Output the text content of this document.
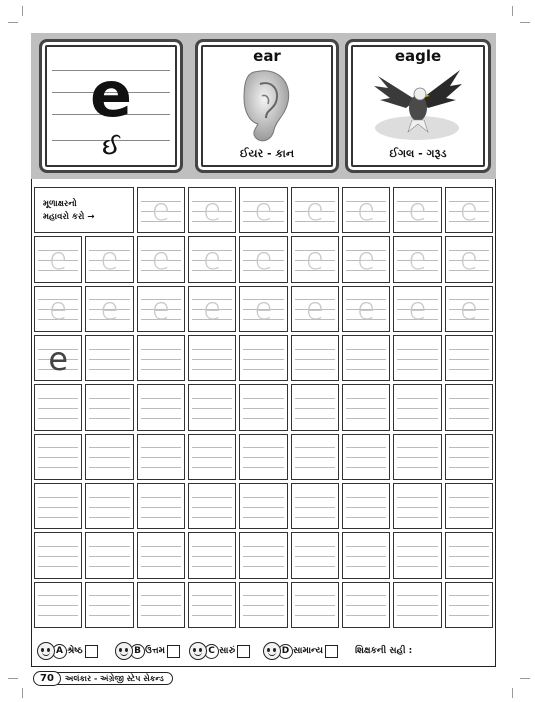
e
ઈ
ear
ઈયર - કાન
eagle
ઈગલ - ગરૂડ
મૂળાક્ષરનો
મહાવરો કરો →	e	e	e	e	e	e	e
e	e	e	e	e	e	e	e	e
e	e	e	e	e	e	e	e	e
e
A શ્રેષ્ઠ	B ઉત્તમ	C સારું	D સામાન્ય	શિક્ષકની સહી :
70	અલંકાર - અંગ્રેજી સ્ટેપ સેકન્ડ
